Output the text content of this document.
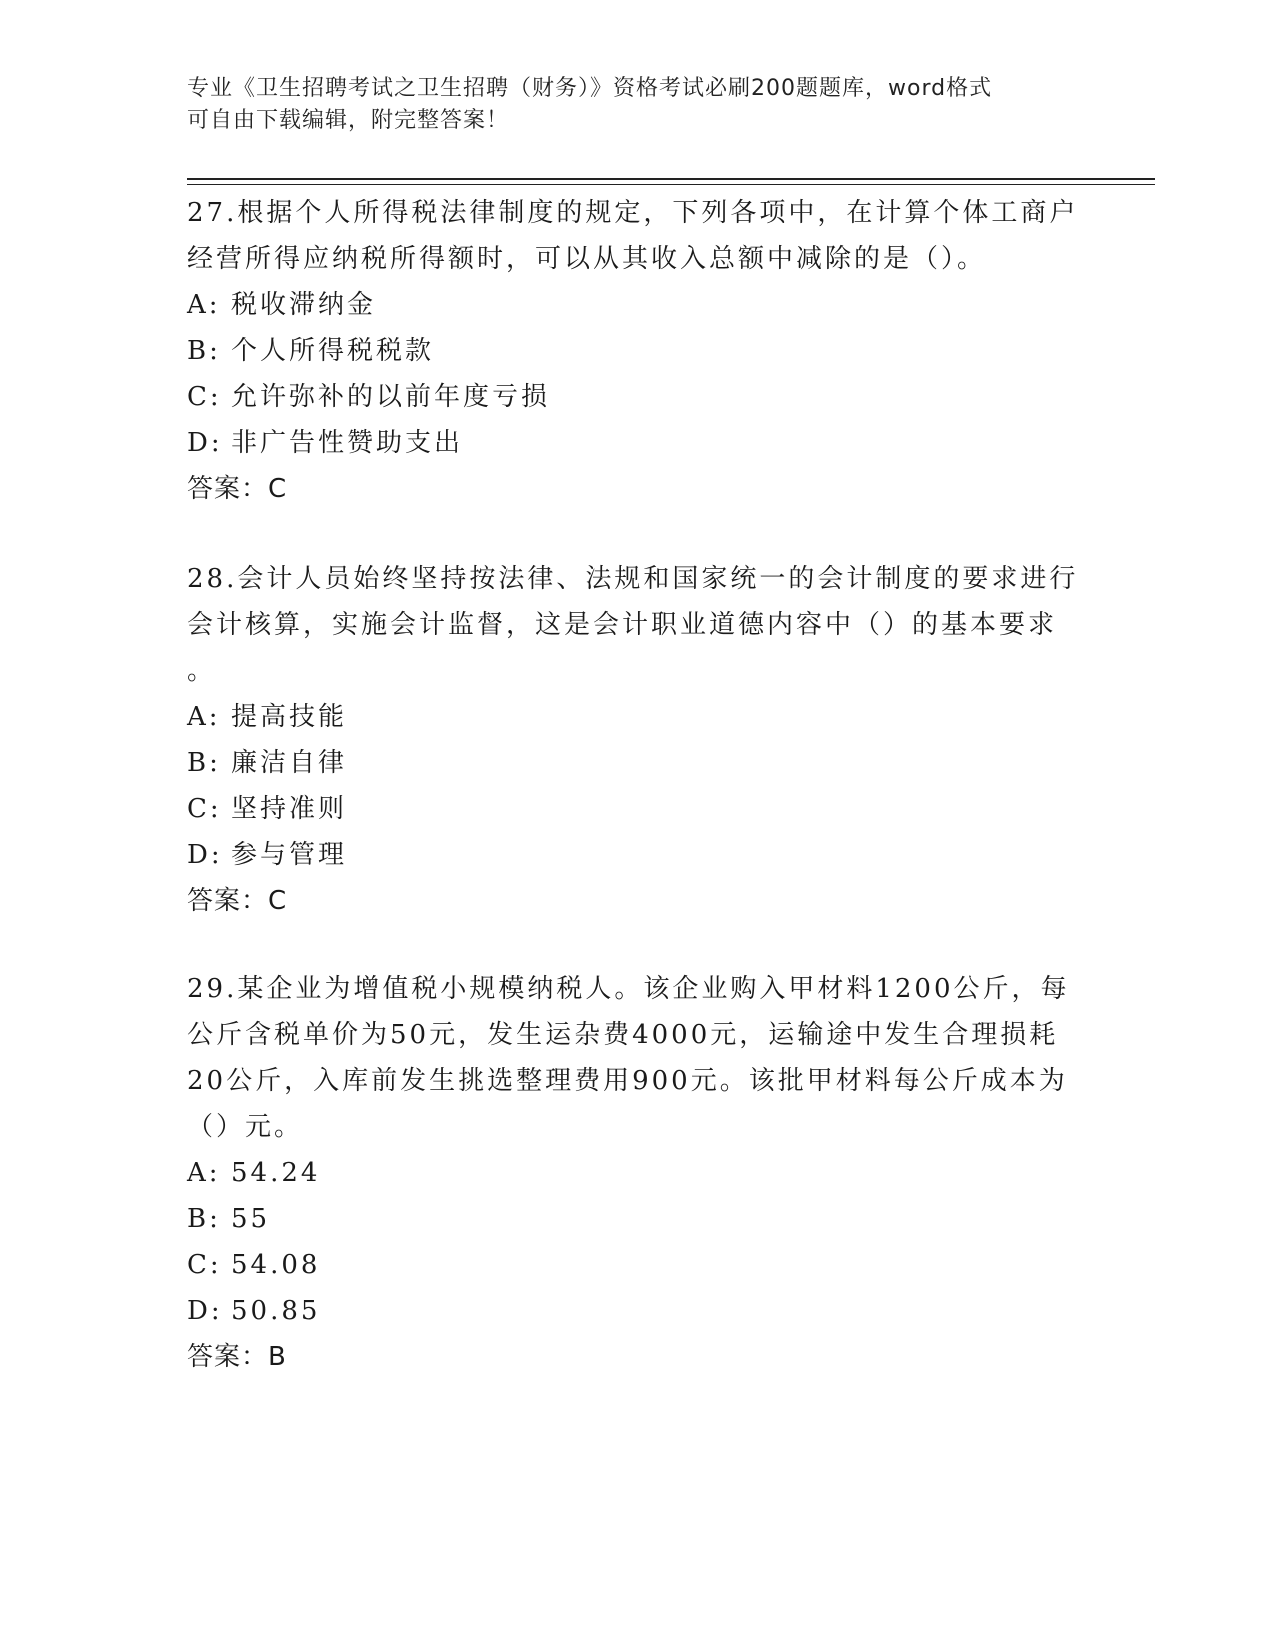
专业《卫生招聘考试之卫生招聘（财务）》资格考试必刷200题题库，word格式
可自由下载编辑，附完整答案！
27.根据个人所得税法律制度的规定，下列各项中，在计算个体工商户
经营所得应纳税所得额时，可以从其收入总额中减除的是（）。
A: 税收滞纳金
B: 个人所得税税款
C: 允许弥补的以前年度亏损
D: 非广告性赞助支出
答案：C
28.会计人员始终坚持按法律、法规和国家统一的会计制度的要求进行
会计核算，实施会计监督，这是会计职业道德内容中（）的基本要求
。
A: 提高技能
B: 廉洁自律
C: 坚持准则
D: 参与管理
答案：C
29.某企业为增值税小规模纳税人。该企业购入甲材料1200公斤，每
公斤含税单价为50元，发生运杂费4000元，运输途中发生合理损耗
20公斤，入库前发生挑选整理费用900元。该批甲材料每公斤成本为
（）元。
A: 54.24
B: 55
C: 54.08
D: 50.85
答案：B
